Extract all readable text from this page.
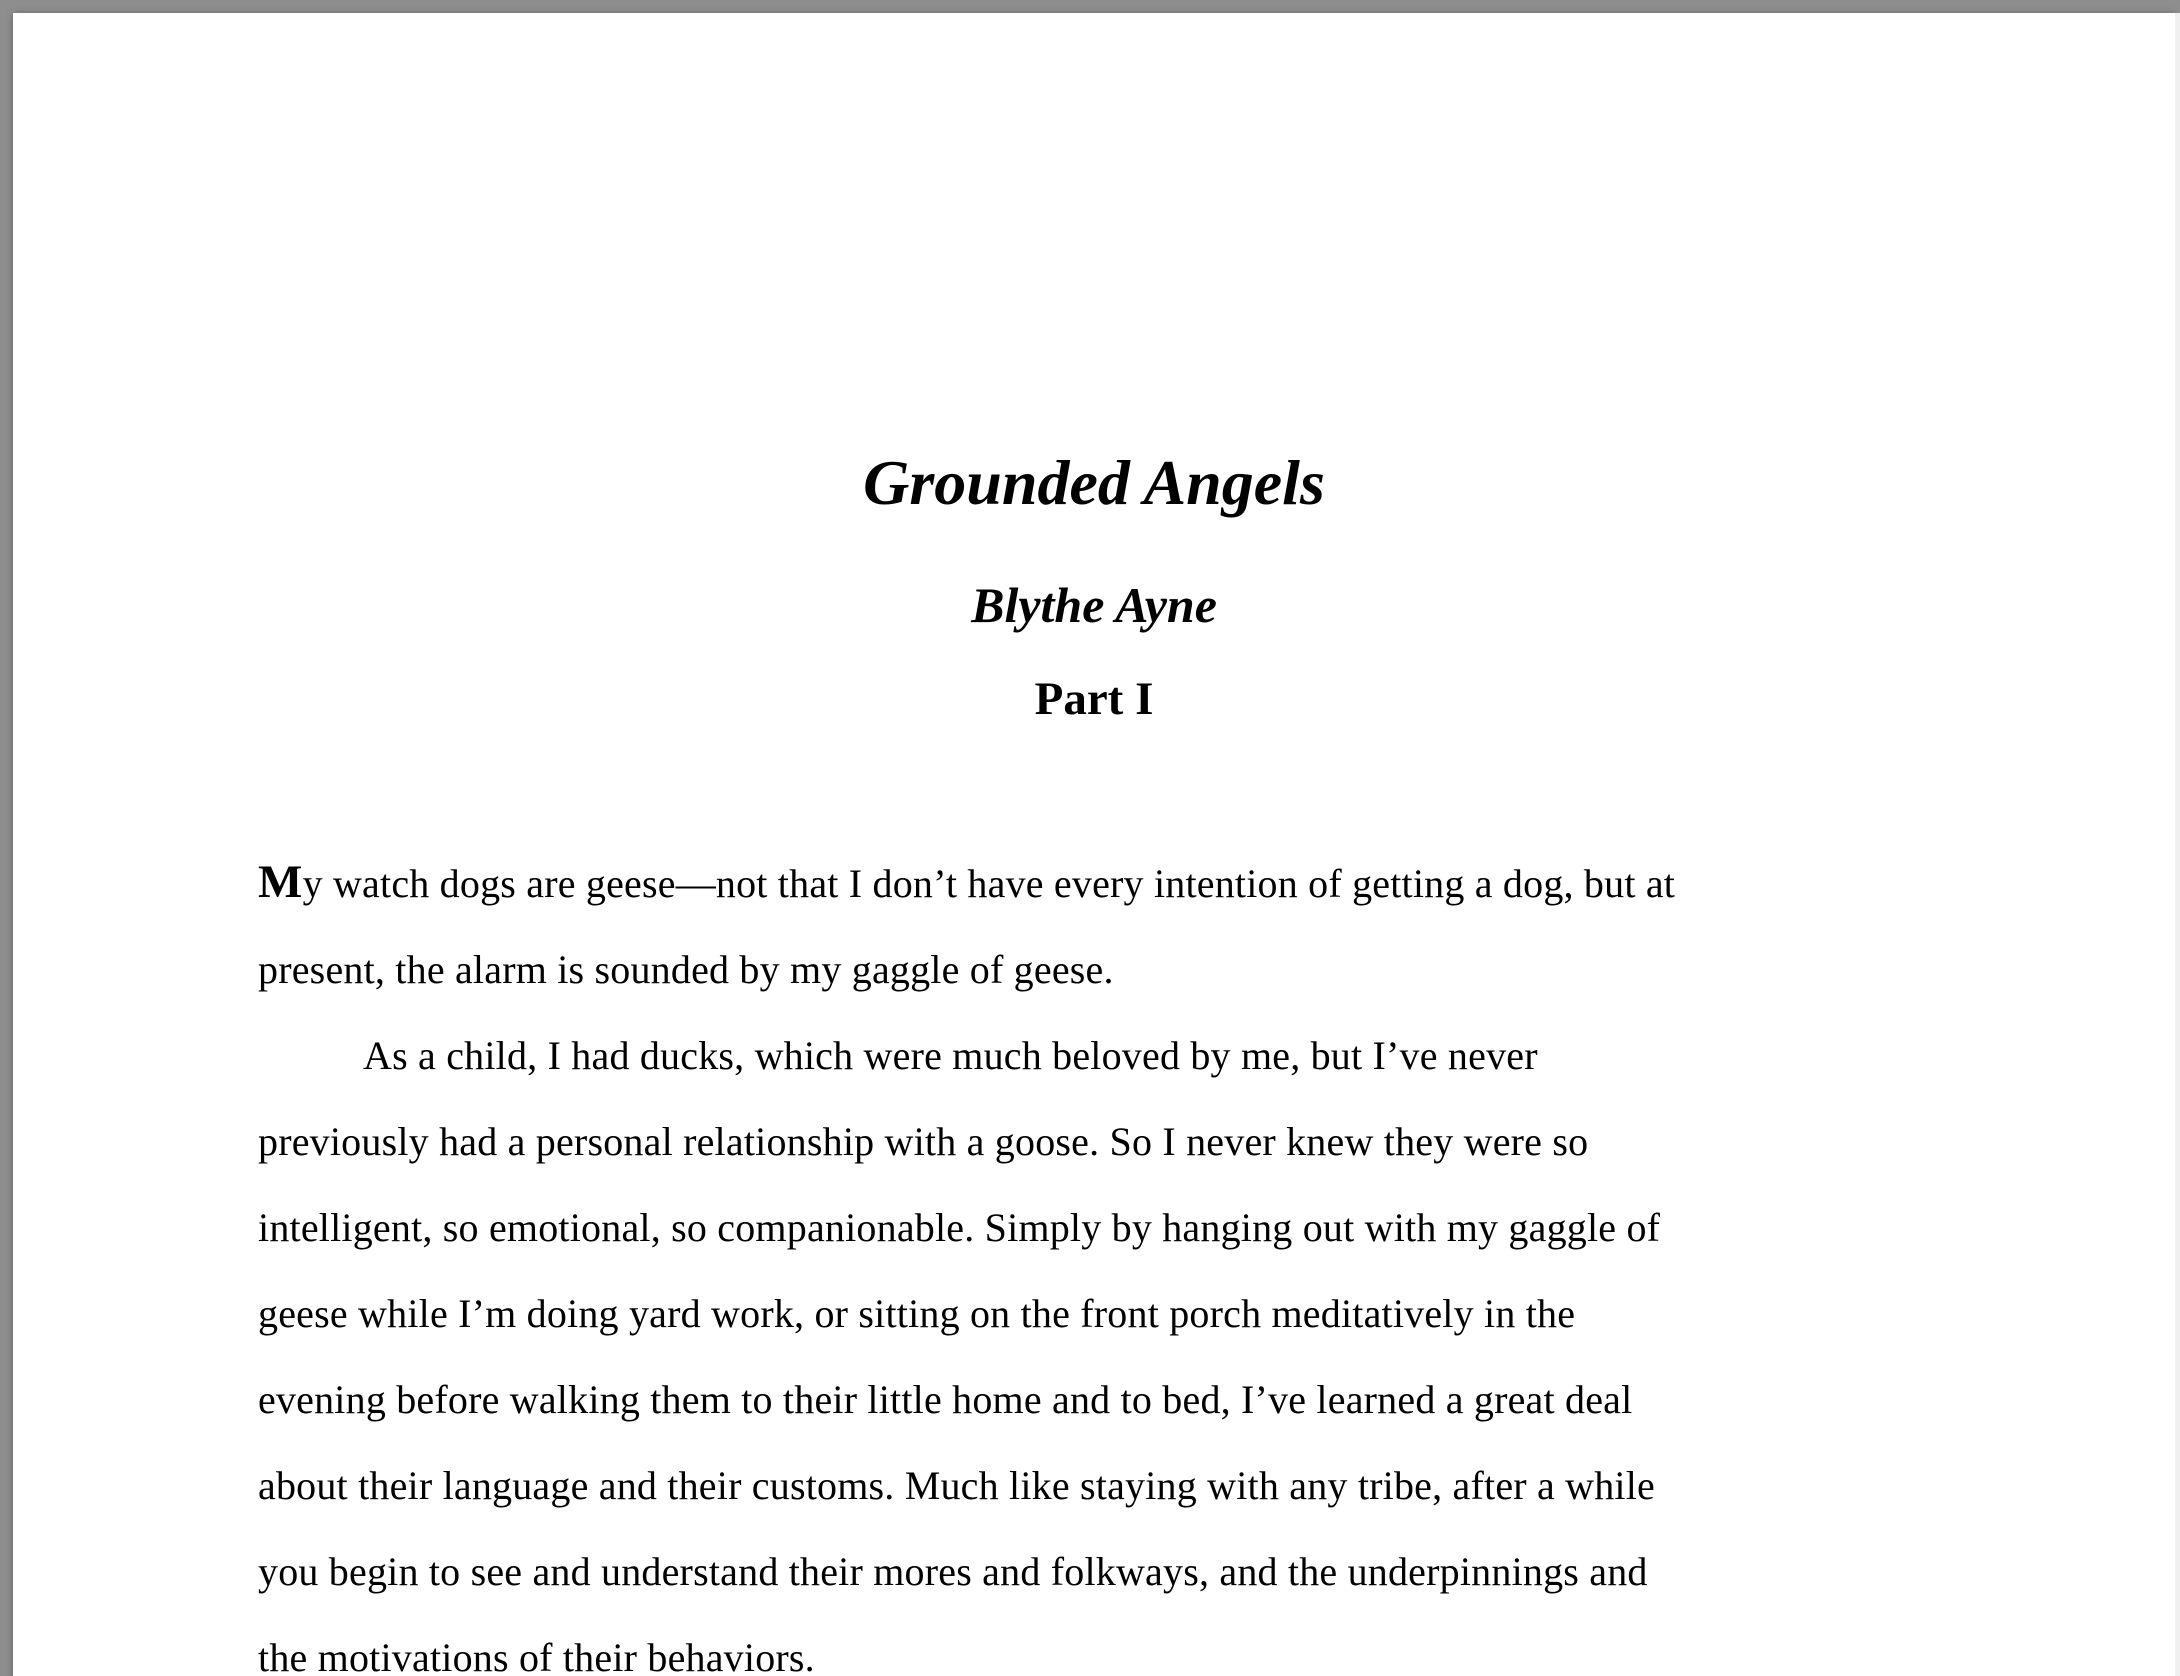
Grounded Angels
Blythe Ayne
Part I
My watch dogs are geese—not that I don’t have every intention of getting a dog, but at
present, the alarm is sounded by my gaggle of geese.
As a child, I had ducks, which were much beloved by me, but I’ve never
previously had a personal relationship with a goose. So I never knew they were so
intelligent, so emotional, so companionable. Simply by hanging out with my gaggle of
geese while I’m doing yard work, or sitting on the front porch meditatively in the
evening before walking them to their little home and to bed, I’ve learned a great deal
about their language and their customs. Much like staying with any tribe, after a while
you begin to see and understand their mores and folkways, and the underpinnings and
the motivations of their behaviors.
